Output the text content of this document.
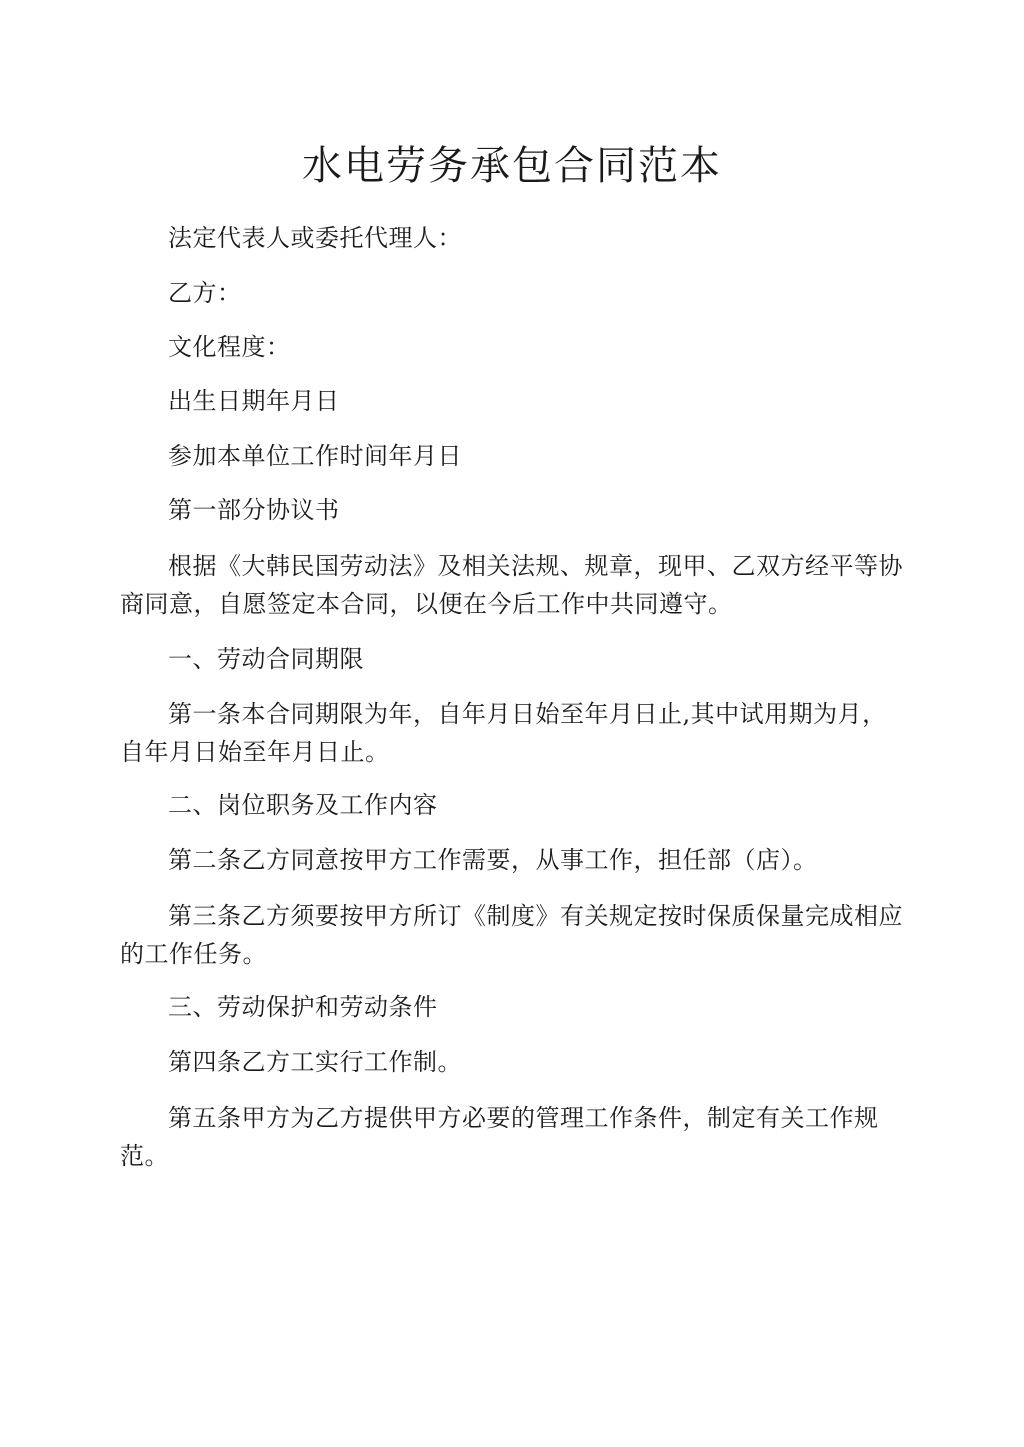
水电劳务承包合同范本

法定代表人或委托代理人：

乙方：

文化程度：

出生日期年月日

参加本单位工作时间年月日

第一部分协议书

根据《大韩民国劳动法》及相关法规、规章，现甲、乙双方经平等协商同意，自愿签定本合同，以便在今后工作中共同遵守。

一、劳动合同期限

第一条本合同期限为年，自年月日始至年月日止,其中试用期为月，自年月日始至年月日止。

二、岗位职务及工作内容

第二条乙方同意按甲方工作需要，从事工作，担任部（店）。

第三条乙方须要按甲方所订《制度》有关规定按时保质保量完成相应的工作任务。

三、劳动保护和劳动条件

第四条乙方工实行工作制。

第五条甲方为乙方提供甲方必要的管理工作条件，制定有关工作规范。
